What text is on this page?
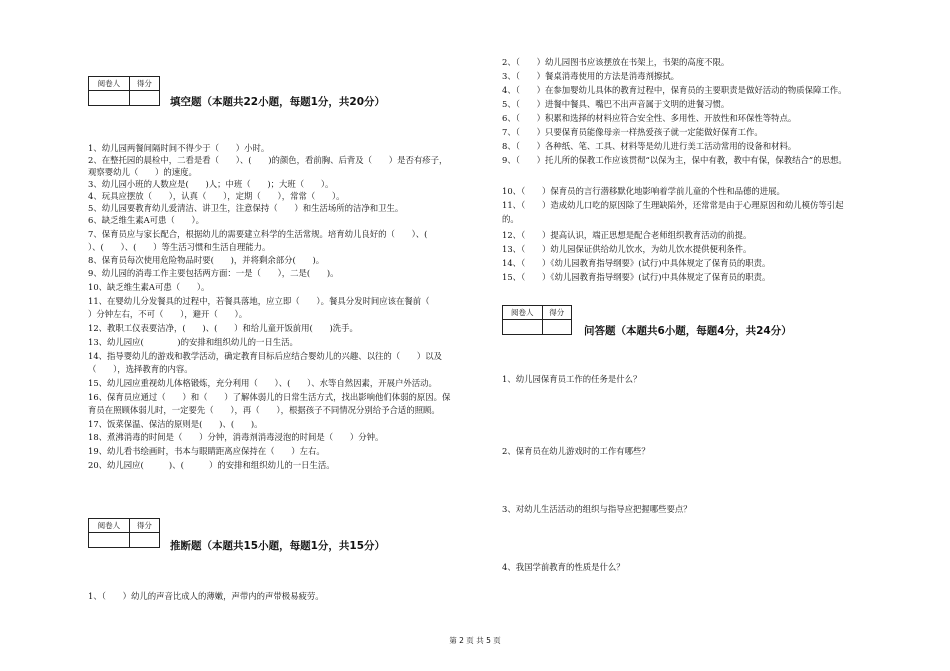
阅卷人	得分

填空题（本题共22小题，每题1分，共20分）
1、幼儿园两餐间隔时间不得少于（　　）小时。
2、在整托园的晨检中，二看是看（　　）、(　　)的颜色，看前胸、后背及（　　）是否有疹子，
观察婴幼儿（　　）的速度。
3、幼儿园小班的人数应是(　　)人；中班（　　)；大班（　　）。
4、玩具应摆放（　　），认真（　　），定期（　　），常常（　　）。
5、幼儿园要教育幼儿爱清洁、讲卫生，注意保持（　　）和生活场所的洁净和卫生。
6、缺乏维生素A可患（　　）。
7、保育员应与家长配合，根据幼儿的需要建立科学的生活常规。培育幼儿良好的（　　）、(
）、(　　）、(　　）等生活习惯和生活自理能力。
8、保育员每次使用危险物品时要(　　)，并将剩余部分(　　)。
9、幼儿园的消毒工作主要包括两方面：一是（　　），二是(　　)。
10、缺乏维生素A可患（　　）。
11、在婴幼儿分发餐具的过程中，若餐具落地，应立即（　　）。餐具分发时间应该在餐前（
）分钟左右，不可（　　），避开（　　）。
12、教职工仪表要洁净，(　　)、(　　）和给儿童开饭前用(　　)洗手。
13、幼儿园应(　　　　)的安排和组织幼儿的一日生活。
14、指导婴幼儿的游戏和教学活动，确定教育目标后应结合婴幼儿的兴趣、以往的（　　）以及
（　　），选择教育的内容。
15、幼儿园应重视幼儿体格锻炼，充分利用（　　）、(　　）、水等自然因素，开展户外活动。
16、保育员应通过（　　）和（　　）了解体弱儿的日常生活方式，找出影响他们体弱的原因。保
育员在照顾体弱儿时，一定要先（　　），再（　　），根据孩子不同情况分别给予合适的照顾。
17、饭菜保温、保洁的原则是(　　)、(　　)。
18、煮沸消毒的时间是（　　）分钟，消毒剂消毒浸泡的时间是（　　）分钟。
19、幼儿看书绘画时，书本与眼睛距离应保持在（　　）左右。
20、幼儿园应(　　　)、(　　　）的安排和组织幼儿的一日生活。
阅卷人	得分

推断题（本题共15小题，每题1分，共15分）
1、（　　）幼儿的声音比成人的薄嫩，声带内的声带极易疲劳。
2、（　　）幼儿园图书应该摆放在书架上，书架的高度不限。
3、（　　）餐桌消毒使用的方法是消毒剂擦拭。
4、（　　）在参加婴幼儿具体的教育过程中，保育员的主要职责是做好活动的物质保障工作。
5、（　　）进餐中餐具、嘴巴不出声音属于文明的进餐习惯。
6、（　　）积累和选择的材料应符合安全性、多用性、开放性和环保性等特点。
7、（　　）只要保育员能像母亲一样热爱孩子就一定能做好保育工作。
8、（　　）各种纸、笔、工具、材料等是幼儿进行美工活动常用的设备和材料。
9、（　　）托儿所的保教工作应该贯彻“以保为主，保中有教，教中有保，保教结合”的思想。
10、（　　）保育员的言行潜移默化地影响着学前儿童的个性和品德的进展。
11、（　　）造成幼儿口吃的原因除了生理缺陷外，还常常是由于心理原因和幼儿模仿等引起
的。
12、（　　）提高认识，端正思想是配合老师组织教育活动的前提。
13、（　　）幼儿园保证供给幼儿饮水，为幼儿饮水提供便利条件。
14、（　　）《幼儿园教育指导纲要》(试行)中具体规定了保育员的职责。
15、（　　）《幼儿园教育指导纲要》(试行)中具体规定了保育员的职责。
阅卷人	得分

问答题（本题共6小题，每题4分，共24分）
1、幼儿园保育员工作的任务是什么？
2、保育员在幼儿游戏时的工作有哪些？
3、对幼儿生活活动的组织与指导应把握哪些要点？
4、我国学前教育的性质是什么？
第 2 页 共 5 页
